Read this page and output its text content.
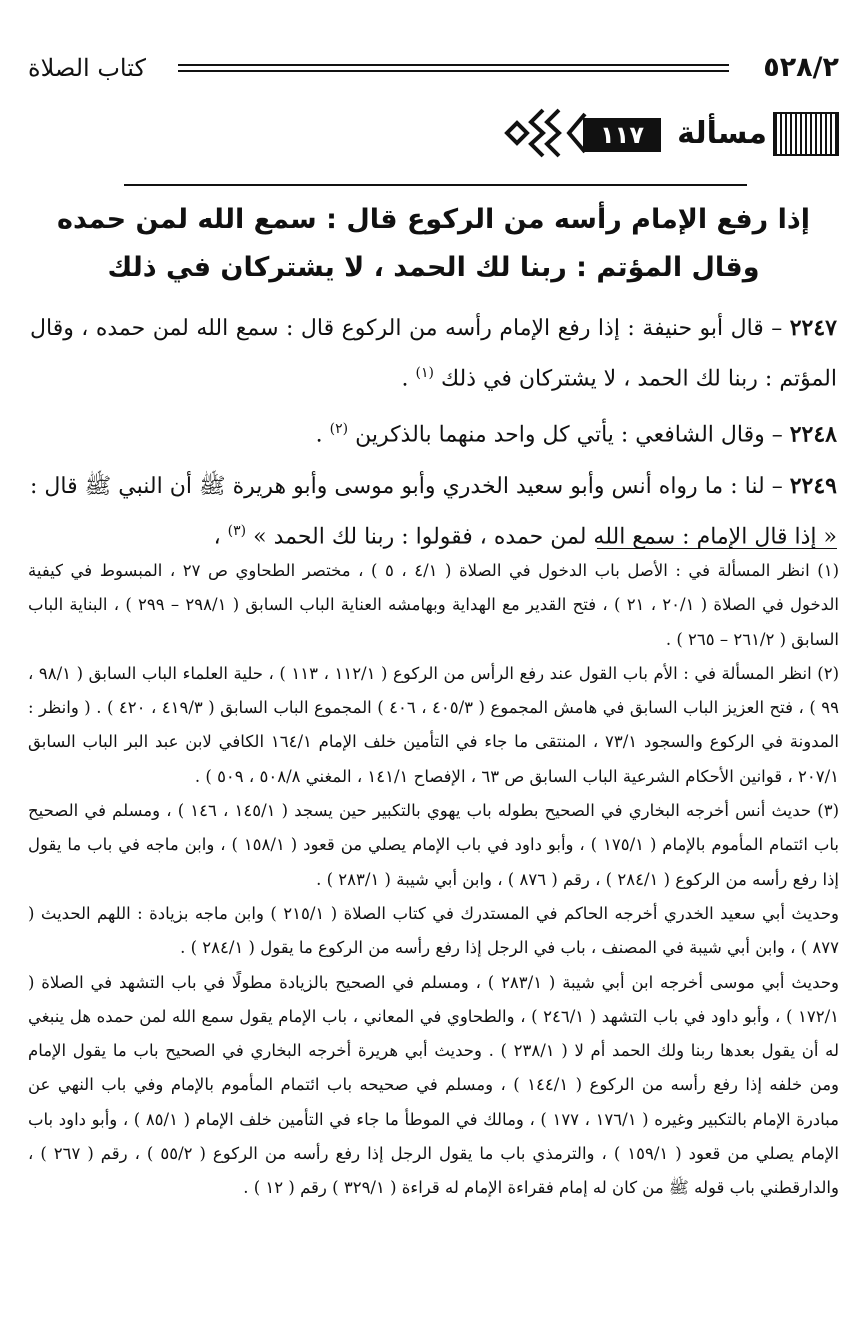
٥٢٨/٢
كتاب الصلاة
مسألة
١١٧

إذا رفع الإمام رأسه من الركوع قال : سمع الله لمن حمده

وقال المؤتم : ربنا لك الحمد ، لا يشتركان في ذلك

٢٢٤٧ – قال أبو حنيفة : إذا رفع الإمام رأسه من الركوع قال : سمع الله لمن حمده ، وقال المؤتم : ربنا لك الحمد ، لا يشتركان في ذلك $^{(١)}$ .

٢٢٤٨ – وقال الشافعي : يأتي كل واحد منهما بالذكرين $^{(٢)}$ .

٢٢٤٩ – لنا : ما رواه أنس وأبو سعيد الخدري وأبو موسى وأبو هريرة ﷺ أن النبي ﷺ قال : « إذا قال الإمام : سمع الله لمن حمده ، فقولوا : ربنا لك الحمد » $^{(٣)}$ ،

(١) انظر المسألة في : الأصل باب الدخول في الصلاة ( ٤/١ ، ٥ ) ، مختصر الطحاوي ص ٢٧ ، المبسوط في كيفية الدخول في الصلاة ( ٢٠/١ ، ٢١ ) ، فتح القدير مع الهداية وبهامشه العناية الباب السابق ( ٢٩٨/١ – ٢٩٩ ) ، البناية الباب السابق ( ٢٦١/٢ – ٢٦٥ ) .

(٢) انظر المسألة في : الأم باب القول عند رفع الرأس من الركوع ( ١١٢/١ ، ١١٣ ) ، حلية العلماء الباب السابق ( ٩٨/١ ، ٩٩ ) ، فتح العزيز الباب السابق في هامش المجموع ( ٤٠٥/٣ ، ٤٠٦ ) المجموع الباب السابق ( ٤١٩/٣ ، ٤٢٠ ) . ( وانظر : المدونة في الركوع والسجود ٧٣/١ ، المنتقى ما جاء في التأمين خلف الإمام ١٦٤/١ الكافي لابن عبد البر الباب السابق ٢٠٧/١ ، قوانين الأحكام الشرعية الباب السابق ص ٦٣ ، الإفصاح ١٤١/١ ، المغني ٥٠٨/٨ ، ٥٠٩ ) .

(٣) حديث أنس أخرجه البخاري في الصحيح بطوله باب يهوي بالتكبير حين يسجد ( ١٤٥/١ ، ١٤٦ ) ، ومسلم في الصحيح باب ائتمام المأموم بالإمام ( ١٧٥/١ ) ، وأبو داود في باب الإمام يصلي من قعود ( ١٥٨/١ ) ، وابن ماجه في باب ما يقول إذا رفع رأسه من الركوع ( ٢٨٤/١ ) ، رقم ( ٨٧٦ ) ، وابن أبي شيبة ( ٢٨٣/١ ) .

وحديث أبي سعيد الخدري أخرجه الحاكم في المستدرك في كتاب الصلاة ( ٢١٥/١ ) وابن ماجه بزيادة : اللهم الحديث ( ٨٧٧ ) ، وابن أبي شيبة في المصنف ، باب في الرجل إذا رفع رأسه من الركوع ما يقول ( ٢٨٤/١ ) .

وحديث أبي موسى أخرجه ابن أبي شيبة ( ٢٨٣/١ ) ، ومسلم في الصحيح بالزيادة مطولًا في باب التشهد في الصلاة ( ١٧٢/١ ) ، وأبو داود في باب التشهد ( ٢٤٦/١ ) ، والطحاوي في المعاني ، باب الإمام يقول سمع الله لمن حمده هل ينبغي له أن يقول بعدها ربنا ولك الحمد أم لا ( ٢٣٨/١ ) . وحديث أبي هريرة أخرجه البخاري في الصحيح باب ما يقول الإمام ومن خلفه إذا رفع رأسه من الركوع ( ١٤٤/١ ) ، ومسلم في صحيحه باب ائتمام المأموم بالإمام وفي باب النهي عن مبادرة الإمام بالتكبير وغيره ( ١٧٦/١ ، ١٧٧ ) ، ومالك في الموطأ ما جاء في التأمين خلف الإمام ( ٨٥/١ ) ، وأبو داود باب الإمام يصلي من قعود ( ١٥٩/١ ) ، والترمذي باب ما يقول الرجل إذا رفع رأسه من الركوع ( ٥٥/٢ ) ، رقم ( ٢٦٧ ) ، والدارقطني باب قوله ﷺ من كان له إمام فقراءة الإمام له قراءة ( ٣٢٩/١ ) رقم ( ١٢ ) .
